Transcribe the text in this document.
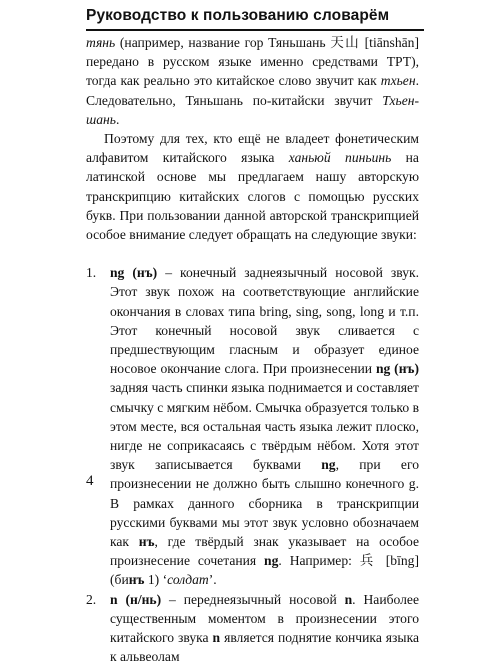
Руководство к пользованию словарём

тянь (например, название гор Тяньшань 天山 [tiānshān] передано в русском языке именно средствами ТРТ), тогда как реально это китайское слово звучит как тхьен. Следовательно, Тяньшань по-китайски звучит Тхьен-шань.

Поэтому для тех, кто ещё не владеет фонетическим алфавитом китайского языка ханьюй пиньинь на латинской основе мы предлагаем нашу авторскую транскрипцию китайских слогов с помощью русских букв. При пользовании данной авторской транскрипцией особое внимание следует обращать на следующие звуки:

1.	ng (нъ) – конечный заднеязычный носовой звук. Этот звук похож на соответствующие английские окончания в словах типа bring, sing, song, long и т.п. Этот конечный носовой звук сливается с предшествующим гласным и образует единое носовое окончание слога. При произнесении ng (нъ) задняя часть спинки языка поднимается и составляет смычку с мягким нёбом. Смычка образуется только в этом месте, вся остальная часть языка лежит плоско, нигде не соприкасаясь с твёрдым нёбом. Хотя этот звук записывается буквами ng, при его произнесении не должно быть слышно конечного g. В рамках данного сборника в транскрипции русскими буквами мы этот звук условно обозначаем как нъ, где твёрдый знак указывает на особое произнесение сочетания ng. Например: 兵 [bīng] (бинъ 1) ‘солдат’.
2.	n (н/нь) – переднеязычный носовой n. Наиболее существенным моментом в произнесении этого китайского звука n является поднятие кончика языка к альвеолам
4
